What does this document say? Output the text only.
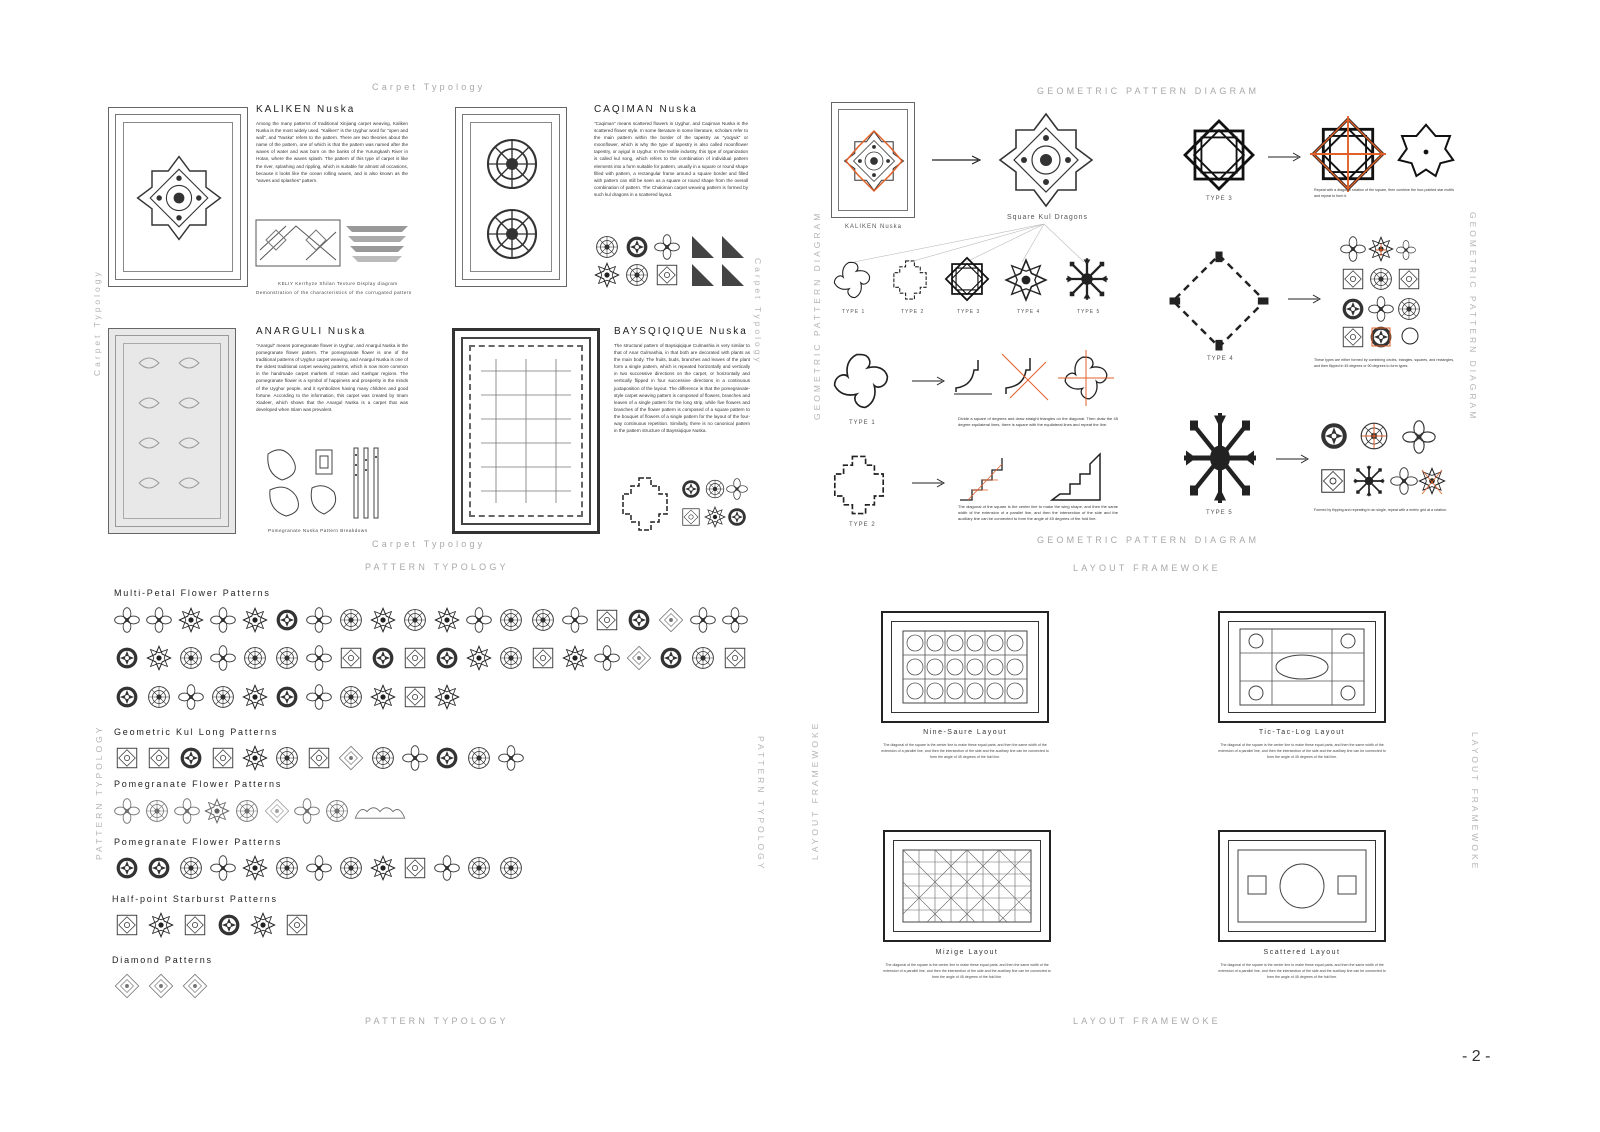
Carpet Typology
Carpet Typology
Carpet Typology	Carpet Typology
KALIKEN Nuska
Among the many patterns of traditional Xinjiang carpet weaving, Kaliken Nuska is the most widely used. "Kaliken" is the Uyghur word for "open and wall", and "Nuska" refers to the pattern. There are two theories about the name of the pattern, one of which is that the pattern was named after the waves of water and was born on the banks of the Yurungkash River in Hotan, where the waves splash. The pattern of this type of carpet is like the river, splashing and rippling, which is suitable for almost all occasions, because it looks like the ocean rolling waves, and is also known as the "waves and splashes" pattern.
KELIY Kerrhyze Shilan Texture Display diagram
Demonstration of the characteristics of the corrugated pattern
CAQIMAN Nuska
"Caqiman" means scattered flowers in Uyghur, and Caqiman Nuska is the scattered flower style. In some literature in some literature, scholars refer to the main pattern within the border of the tapestry as "yoqyuk" or moonflower, which is why the type of tapestry is also called moonflower tapestry, or ayigul in Uyghur. In the textile industry, this type of organization is called kul song, which refers to the combination of individual pattern elements into a form suitable for pattern, usually in a square or round shape filled with pattern, a rectangular frame around a square border and filled with pattern can still be seen as a square or round shape from the overall combination of pattern. The Chakiman carpet weaving pattern is formed by such kul dragons in a scattered layout.
ANARGULI Nuska
"Anargul" means pomegranate flower in Uyghur, and Anargul Nuska is the pomegranate flower pattern. The pomegranate flower is one of the traditional patterns of Uyghur carpet weaving, and Anargul Nuska is one of the oldest traditional carpet weaving patterns, which is now more common in the handmade carpet markets of Hotan and Kashgar regions. The pomegranate flower is a symbol of happiness and prosperity in the minds of the Uyghur people, and it symbolizes having many children and good fortune. According to the information, this carpet was created by Imam Xiadeer, which shows that the Anargul Nuska is a carpet that was developed when Islam was prevalent.
Pomegranate Nuska Pattern Breakdown
BAYSQIQIQUE Nuska
The structural pattern of Baysiqiqique Culmashia is very similar to that of Anar Gulmashia, in that both are decorated with plants as the main body. The fruits, buds, branches and leaves of the plant form a single pattern, which is repeated horizontally and vertically in two successive directions on the carpet, or horizontally and vertically flipped in four successive directions in a continuous juxtaposition of the layout. The difference is that the pomegranate-style carpet weaving pattern is composed of flowers, branches and leaves of a single pattern for the long strip, while five flowers and branches of the flower pattern is composed of a square pattern to the bouquet of flowers of a single pattern for the layout of the four-way continuous repetition. Similarly, there is no canonical pattern in the pattern structure of Bayssiqique Nuska.
GEOMETRIC PATTERN DIAGRAM
GEOMETRIC PATTERN DIAGRAM
GEOMETRIC PATTERN DIAGRAM	GEOMETRIC PATTERN DIAGRAM
KALIKEN Nuska
Square Kul Dragons
TYPE 1	TYPE 2	TYPE 3	TYPE 4	TYPE 5
TYPE 1
Divide a square of degrees and draw straight triangles on the diagonal. Then draw the 45 degree equilateral lines, there is square with the equilateral lines and repeat the line.
TYPE 2
The diagonal of the square is the center line to make the wing shape, and then the same width of the extension of a parallel line, and then the intersection of the side and the auxiliary line can be connected to form the angle of 45 degrees of the fold line.
TYPE 3
Repeat with a diagonal rotation of the square, then combine the four-pointed star motifs and repeat to form it.
TYPE 4	These types are either formed by combining circles, triangles, squares, and rectangles, and then flipped in 45 degrees or 90 degrees to form types.
TYPE 5	Formed by flipping and repeating in an single, repeat with a metric grid at a rotation.
PATTERN TYPOLOGY
PATTERN TYPOLOGY
PATTERN TYPOLOGY	PATTERN TYPOLOGY
Multi-Petal Flower Patterns
Geometric Kul Long Patterns
Pomegranate Flower Patterns
Pomegranate Flower Patterns
Half-point Starburst Patterns
Diamond Patterns
LAYOUT FRAMEWOKE
LAYOUT FRAMEWOKE
LAYOUT FRAMEWOKE	LAYOUT FRAMEWOKE
Nine-Saure Layout
The diagonal of the square is the center line to make these equal parts, and then the same width of the extension of a parallel line, and then the intersection of the side and the auxiliary line can be connected to form the angle of 45 degrees of the fold line.
Tic-Tac-Log Layout
The diagonal of the square is the center line to make these equal parts, and then the same width of the extension of a parallel line, and then the intersection of the side and the auxiliary line can be connected to form the angle of 45 degrees of the fold line.
Mizige Layout
The diagonal of the square is the center line to make these equal parts, and then the same width of the extension of a parallel line, and then the intersection of the side and the auxiliary line can be connected to form the angle of 45 degrees of the fold line.
Scattered Layout
The diagonal of the square is the center line to make these equal parts, and then the same width of the extension of a parallel line, and then the intersection of the side and the auxiliary line can be connected to form the angle of 45 degrees of the fold line.
- 2 -
